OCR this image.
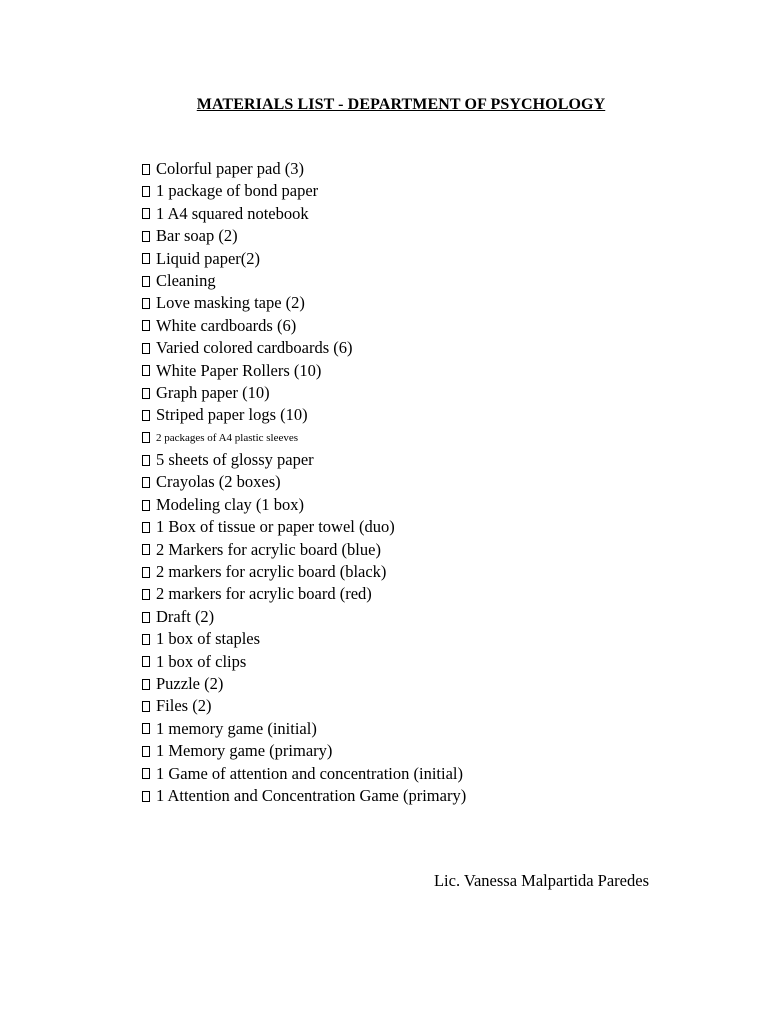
MATERIALS LIST - DEPARTMENT OF PSYCHOLOGY
Colorful paper pad (3)
1 package of bond paper
1 A4 squared notebook
Bar soap (2)
Liquid paper(2)
Cleaning
Love masking tape (2)
White cardboards (6)
Varied colored cardboards (6)
White Paper Rollers (10)
Graph paper (10)
Striped paper logs (10)
2 packages of A4 plastic sleeves
5 sheets of glossy paper
Crayolas (2 boxes)
Modeling clay (1 box)
1 Box of tissue or paper towel (duo)
2 Markers for acrylic board (blue)
2 markers for acrylic board (black)
2 markers for acrylic board (red)
Draft (2)
1 box of staples
1 box of clips
Puzzle (2)
Files (2)
1 memory game (initial)
1 Memory game (primary)
1 Game of attention and concentration (initial)
1 Attention and Concentration Game (primary)
Lic. Vanessa Malpartida Paredes
